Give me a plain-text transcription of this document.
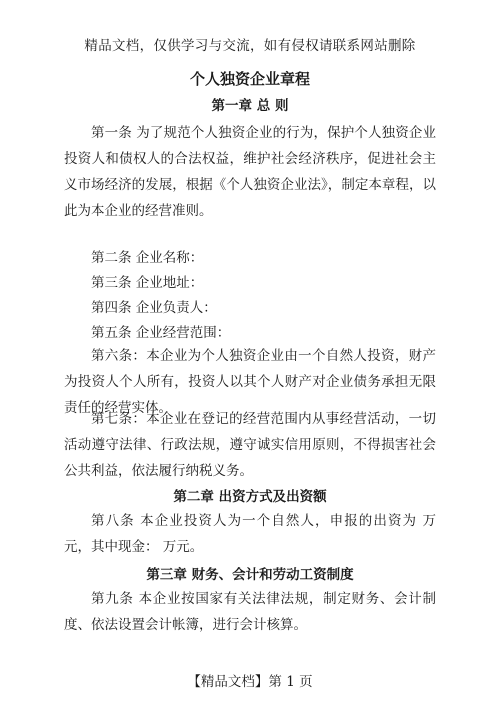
精品文档，仅供学习与交流，如有侵权请联系网站删除
个人独资企业章程
第一章 总 则
第一条 为了规范个人独资企业的行为，保护个人独资企业投资人和债权人的合法权益，维护社会经济秩序，促进社会主义市场经济的发展，根据《个人独资企业法》，制定本章程，以此为本企业的经营准则。
第二条 企业名称：
第三条 企业地址：
第四条 企业负责人：
第五条 企业经营范围：
第六条：本企业为个人独资企业由一个自然人投资，财产为投资人个人所有，投资人以其个人财产对企业债务承担无限责任的经营实体。
第七条：本企业在登记的经营范围内从事经营活动，一切活动遵守法律、行政法规，遵守诚实信用原则，不得损害社会公共利益，依法履行纳税义务。
第二章 出资方式及出资额
第八条 本企业投资人为一个自然人，申报的出资为 万元，其中现金： 万元。
第三章 财务、会计和劳动工资制度
第九条 本企业按国家有关法律法规，制定财务、会计制度、依法设置会计帐簿，进行会计核算。
【精品文档】第 1 页
